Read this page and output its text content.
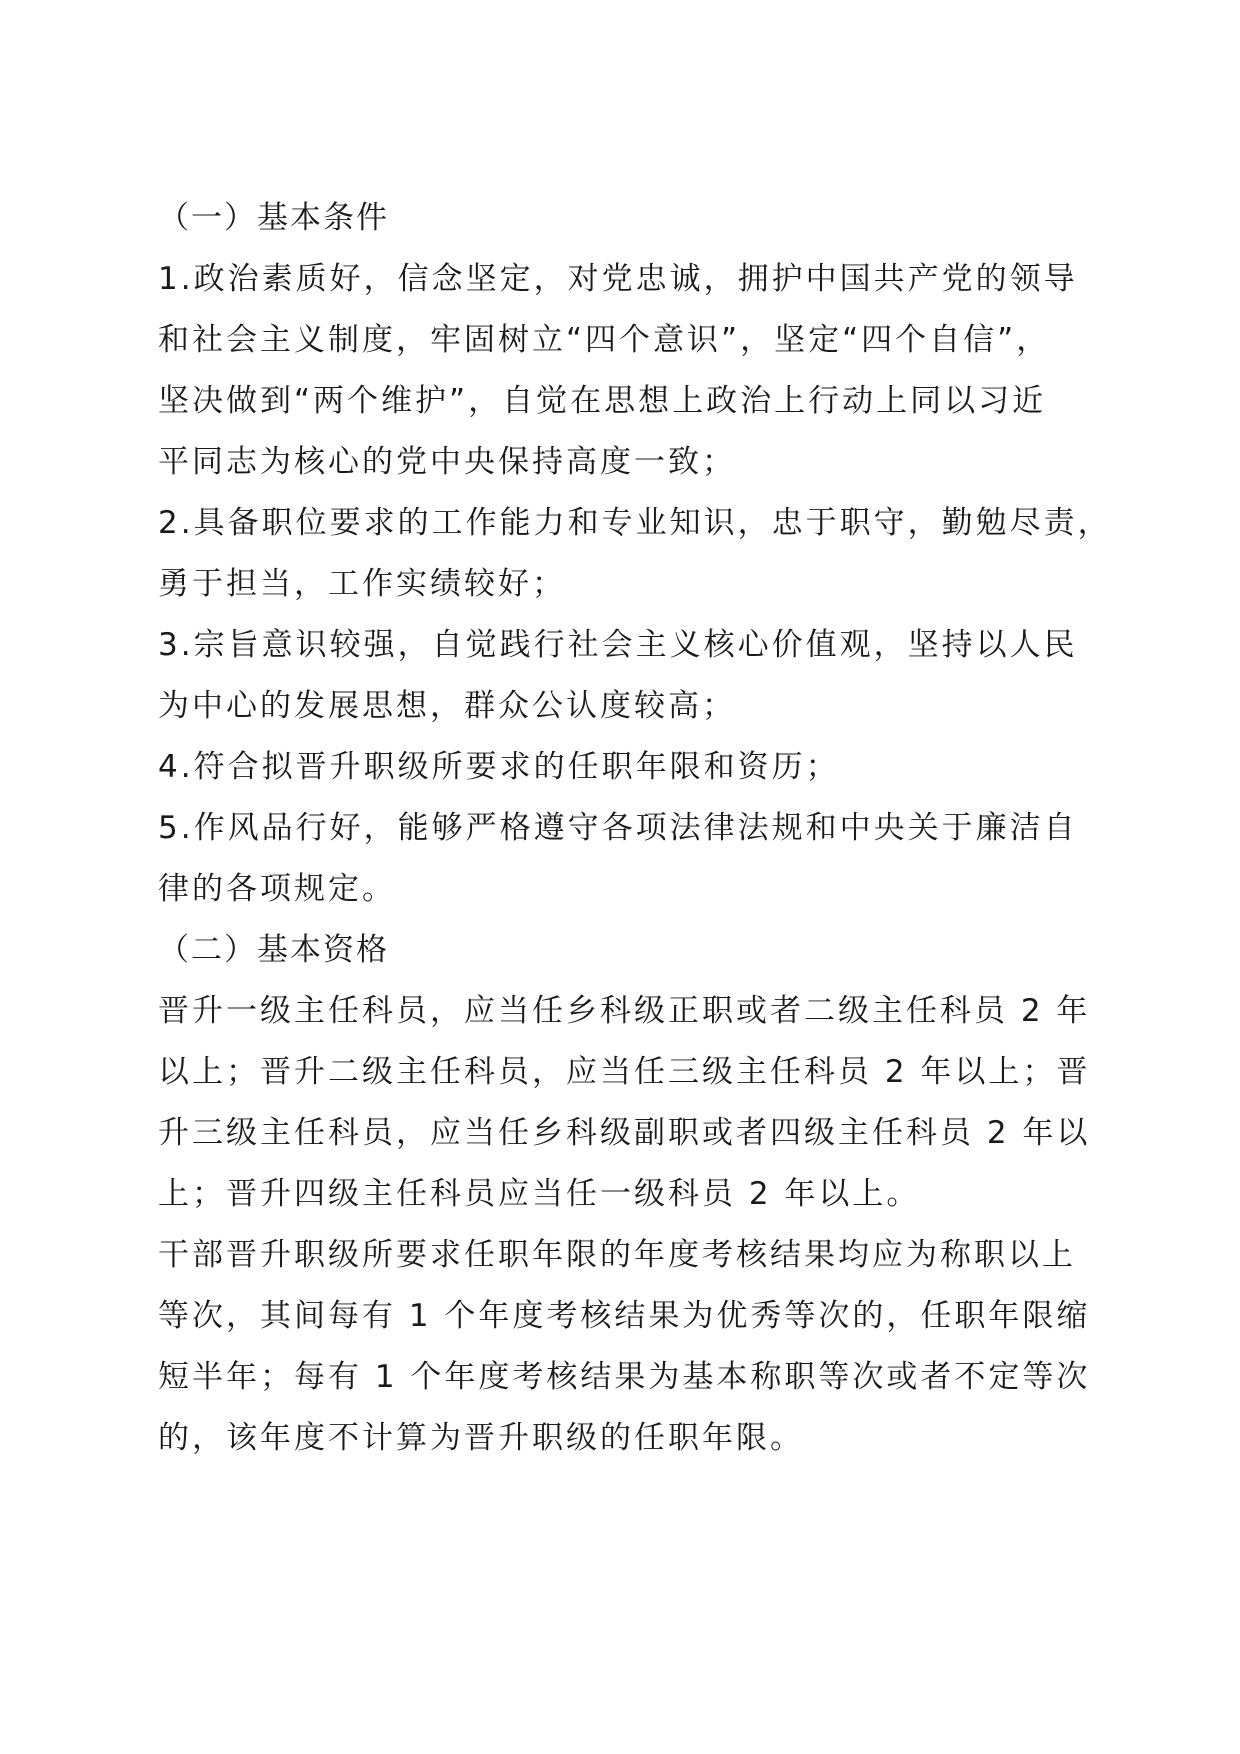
（一）基本条件
1.政治素质好，信念坚定，对党忠诚，拥护中国共产党的领导
和社会主义制度，牢固树立“四个意识”，坚定“四个自信”，
坚决做到“两个维护”，自觉在思想上政治上行动上同以习近
平同志为核心的党中央保持高度一致；
2.具备职位要求的工作能力和专业知识，忠于职守，勤勉尽责，
勇于担当，工作实绩较好；
3.宗旨意识较强，自觉践行社会主义核心价值观，坚持以人民
为中心的发展思想，群众公认度较高；
4.符合拟晋升职级所要求的任职年限和资历；
5.作风品行好，能够严格遵守各项法律法规和中央关于廉洁自
律的各项规定。
（二）基本资格
晋升一级主任科员，应当任乡科级正职或者二级主任科员 2 年
以上；晋升二级主任科员，应当任三级主任科员 2 年以上；晋
升三级主任科员，应当任乡科级副职或者四级主任科员 2 年以
上；晋升四级主任科员应当任一级科员 2 年以上。
干部晋升职级所要求任职年限的年度考核结果均应为称职以上
等次，其间每有 1 个年度考核结果为优秀等次的，任职年限缩
短半年；每有 1 个年度考核结果为基本称职等次或者不定等次
的，该年度不计算为晋升职级的任职年限。
